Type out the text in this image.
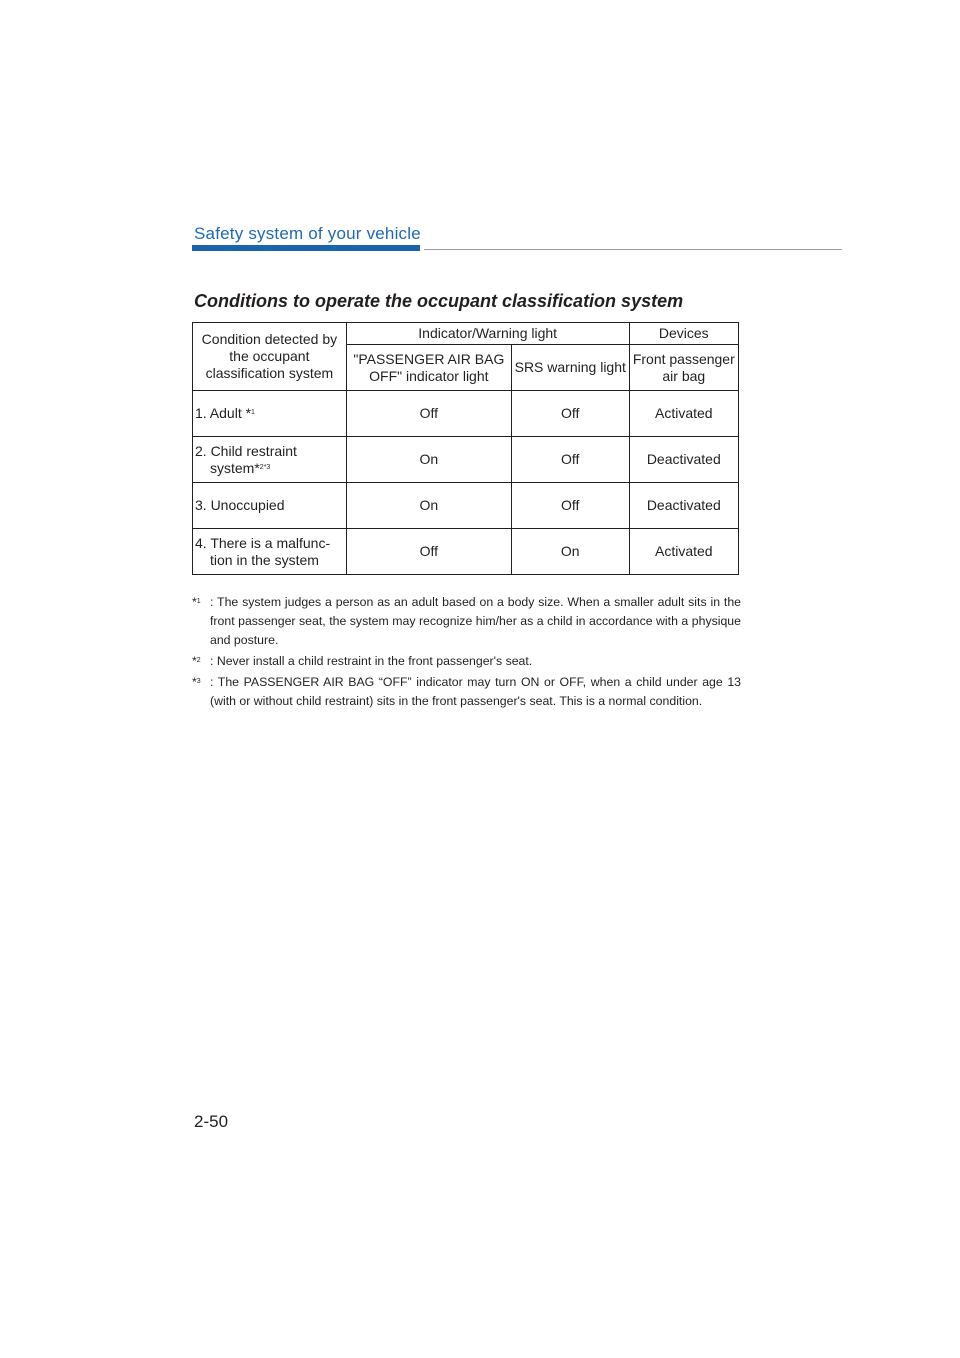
Safety system of your vehicle
Conditions to operate the occupant classification system
Condition detected by the occupant classification system	Indicator/Warning light		Devices
	"PASSENGER AIR BAG OFF" indicator light	SRS warning light	Front passenger air bag
1. Adult *$^1$	Off	Off	Activated

2. Child restraint system*$^{2*3}$	On	Off	Deactivated
3. Unoccupied	On	Off	Deactivated

4. There is a malfunc- tion in the system	Off	On	Activated
*$^1$ : The system judges a person as an adult based on a body size. When a smaller adult sits in the front passenger seat, the system may recognize him/her as a child in accordance with a physique and posture.
*$^2$ : Never install a child restraint in the front passenger's seat.
*$^3$ : The PASSENGER AIR BAG “OFF” indicator may turn ON or OFF, when a child under age 13 (with or without child restraint) sits in the front passenger's seat. This is a normal condition.
2-50
